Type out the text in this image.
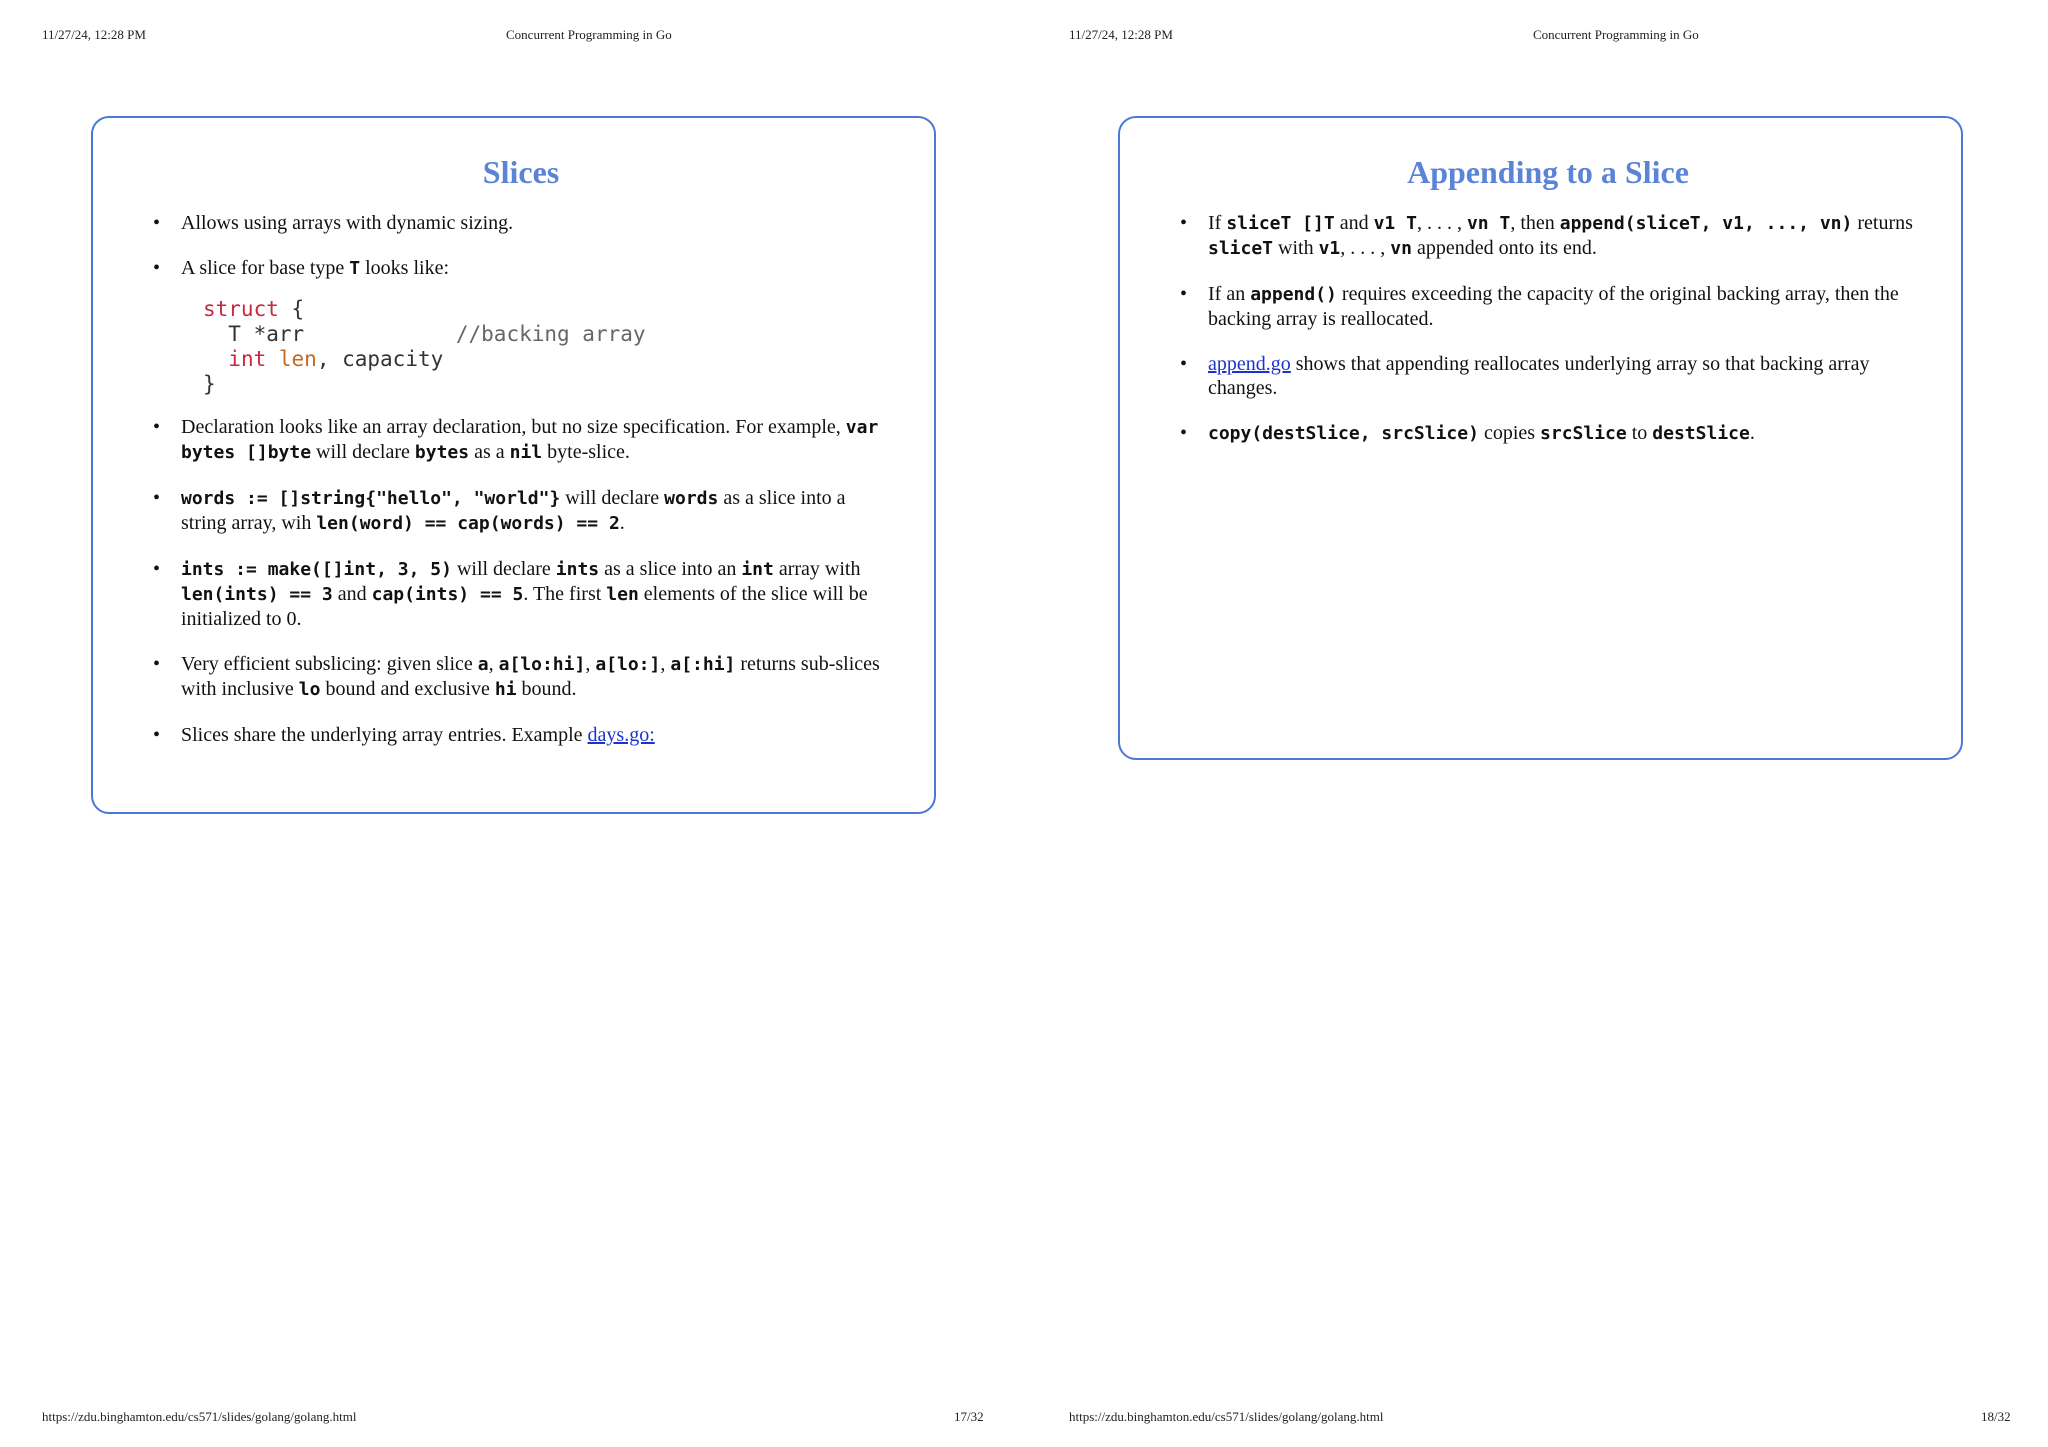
11/27/24, 12:28 PM	Concurrent Programming in Go
https://zdu.binghamton.edu/cs571/slides/golang/golang.html	17/32
11/27/24, 12:28 PM	Concurrent Programming in Go
https://zdu.binghamton.edu/cs571/slides/golang/golang.html	18/32
Slices
• Allows using arrays with dynamic sizing.
• A slice for base type T looks like:
struct {
T *arr	//backing array
int len, capacity
}
• Declaration looks like an array declaration, but no size specification. For example, var bytes []byte will declare bytes as a nil byte-slice.
• words := []string{"hello", "world"} will declare words as a slice into a string array, wih len(word) == cap(words) == 2.
• ints := make([]int, 3, 5) will declare ints as a slice into an int array with len(ints) == 3 and cap(ints) == 5. The first len elements of the slice will be initialized to 0.
• Very efficient subslicing: given slice a, a[lo:hi], a[lo:], a[:hi] returns sub-slices with inclusive lo bound and exclusive hi bound.
• Slices share the underlying array entries. Example days.go:
Appending to a Slice
• If sliceT []T and v1 T, . . . , vn T, then append(sliceT, v1, ..., vn) returns sliceT with v1, . . . , vn appended onto its end.
• If an append() requires exceeding the capacity of the original backing array, then the backing array is reallocated.
• append.go shows that appending reallocates underlying array so that backing array changes.
• copy(destSlice, srcSlice) copies srcSlice to destSlice.
